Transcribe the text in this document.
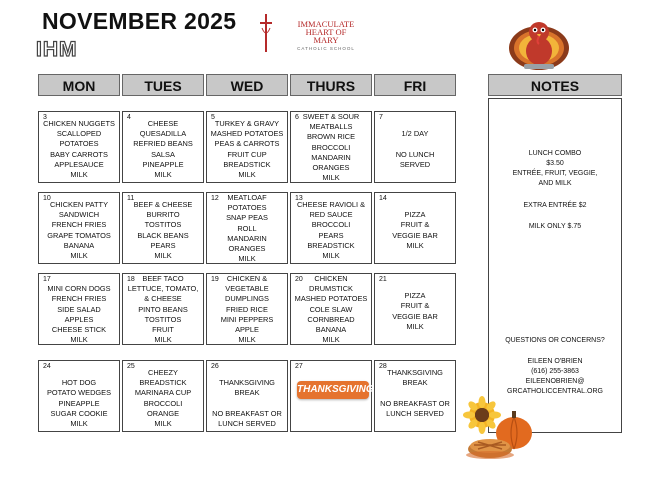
NOVEMBER 2025
IHM
IMMACULATE
HEART OF
MARY
CATHOLIC SCHOOL
MON	TUES	WED	THURS	FRI	NOTES
3
CHICKEN NUGGETS
SCALLOPED
POTATOES
BABY CARROTS
APPLESAUCE
MILK
4
CHEESE
QUESADILLA
REFRIED BEANS
SALSA
PINEAPPLE
MILK
5
TURKEY & GRAVY
MASHED POTATOES
PEAS & CARROTS
FRUIT CUP
BREADSTICK
MILK
6 SWEET & SOUR
MEATBALLS
BROWN RICE
BROCCOLI
MANDARIN
ORANGES
MILK
7

1/2 DAY

NO LUNCH
SERVED
10
CHICKEN PATTY
SANDWICH
FRENCH FRIES
GRAPE TOMATOS
BANANA
MILK
11
BEEF & CHEESE
BURRITO
TOSTITOS
BLACK BEANS
PEARS
MILK
12	MEATLOAF
POTATOES
SNAP PEAS
ROLL
MANDARIN
ORANGES
MILK
13
CHEESE RAVIOLI &
RED SAUCE
BROCCOLI
PEARS
BREADSTICK
MILK
14

PIZZA
FRUIT &
VEGGIE BAR
MILK
17

MINI CORN DOGS
FRENCH FRIES
SIDE SALAD
APPLES
CHEESE STICK
MILK
18	BEEF TACO
LETTUCE, TOMATO,
& CHEESE
PINTO BEANS
TOSTITOS
FRUIT
MILK
19	CHICKEN &
VEGETABLE
DUMPLINGS
FRIED RICE
MINI PEPPERS
APPLE
MILK
20	CHICKEN
DRUMSTICK
MASHED POTATOES
COLE SLAW
CORNBREAD
BANANA
MILK
21

PIZZA
FRUIT &
VEGGIE BAR
MILK
24

HOT DOG
POTATO WEDGES
PINEAPPLE
SUGAR COOKIE
MILK
25
CHEEZY
BREADSTICK
MARINARA CUP
BROCCOLI
ORANGE
MILK
26

THANKSGIVING
BREAK

NO BREAKFAST OR
LUNCH SERVED
27
THANKSGIVING
28
THANKSGIVING
BREAK

NO BREAKFAST OR
LUNCH SERVED

LUNCH COMBO

$3.50

ENTRÉE, FRUIT, VEGGIE,

AND MILK

EXTRA ENTRÉE $2

MILK ONLY $.75

QUESTIONS OR CONCERNS?

EILEEN O'BRIEN

(616) 255-3863

EILEENOBRIEN@

GRCATHOLICCENTRAL.ORG
